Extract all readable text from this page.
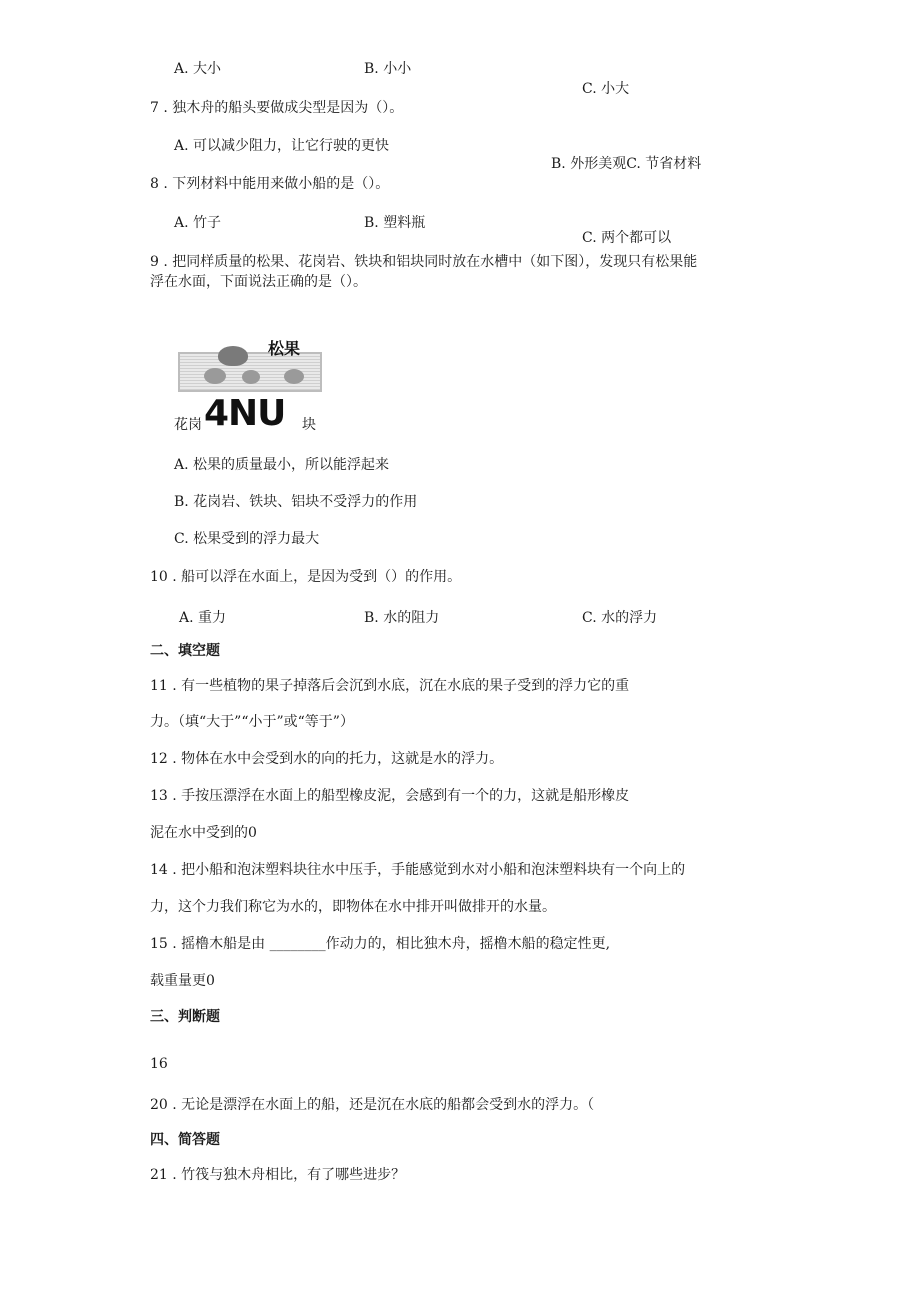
A. 大小	B. 小小
C. 小大
7 . 独木舟的船头要做成尖型是因为（）。
A. 可以减少阻力，让它行驶的更快
B. 外形美观C. 节省材料
8 . 下列材料中能用来做小船的是（）。
A. 竹子	B. 塑料瓶
C. 两个都可以
9 . 把同样质量的松果、花岗岩、铁块和铝块同时放在水槽中（如下图），发现只有松果能
浮在水面，下面说法正确的是（）。
松果
花岗 4NU 块
A. 松果的质量最小，所以能浮起来
B. 花岗岩、铁块、铝块不受浮力的作用
C. 松果受到的浮力最大
10 . 船可以浮在水面上，是因为受到（）的作用。
A. 重力	B. 水的阻力	C. 水的浮力
二、填空题
11 . 有一些植物的果子掉落后会沉到水底，沉在水底的果子受到的浮力它的重
力。（填“大于”“小于”或“等于”）
12 . 物体在水中会受到水的向的托力，这就是水的浮力。
13 . 手按压漂浮在水面上的船型橡皮泥，会感到有一个的力，这就是船形橡皮
泥在水中受到的0
14 . 把小船和泡沫塑料块往水中压手，手能感觉到水对小船和泡沫塑料块有一个向上的
力，这个力我们称它为水的，即物体在水中排开叫做排开的水量。
15 . 摇橹木船是由 ________作动力的，相比独木舟，摇橹木船的稳定性更,
载重量更0
三、判断题
16
20 . 无论是漂浮在水面上的船，还是沉在水底的船都会受到水的浮力。（
四、简答题
21 . 竹筏与独木舟相比，有了哪些进步？
